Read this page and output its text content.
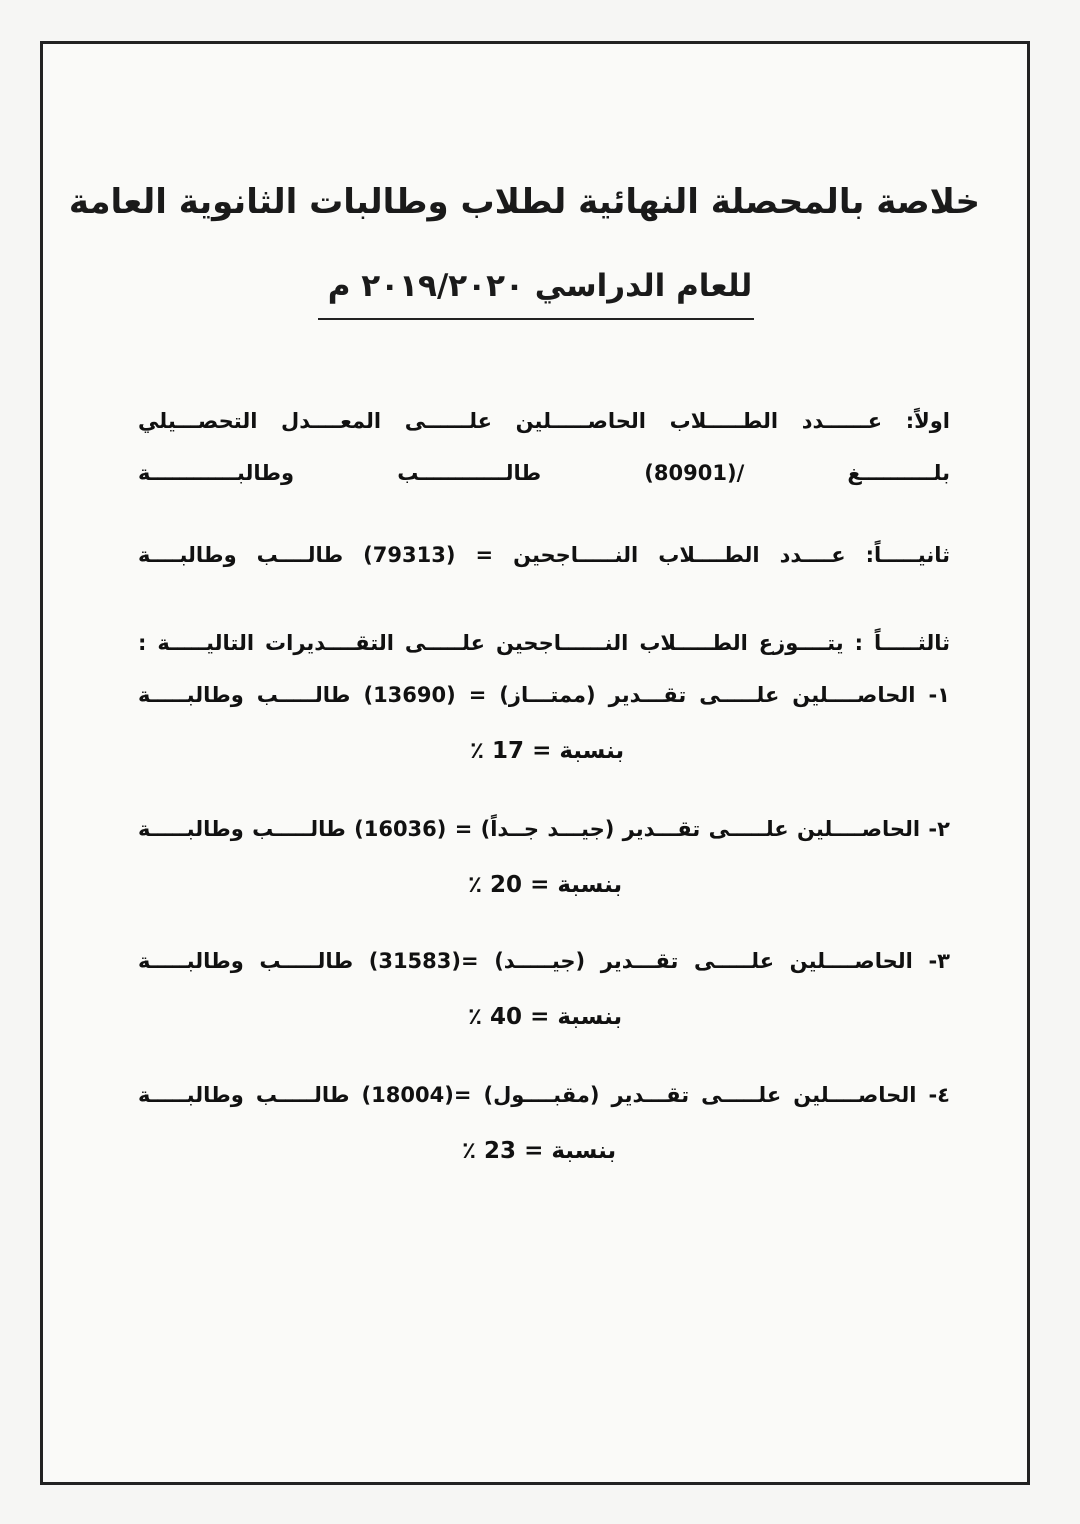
خلاصة بالمحصلة النهائية لطلاب وطالبات الثانوية العامة
للعام الدراسي ٢٠١٩/٢٠٢٠ م
اولاً: عــــــدد الطـــــلاب الحاصـــــلين علــــــى المعــــدل التحصـــيلي
بلــــــــــغ /(80901) طالــــــــــــب وطالبــــــــــــة
ثانيـــــاً: عــــدد الطــــلاب النـــــاجحين = (79313) طالــــب وطالبــــة
ثالثـــــاً : يتــــوزع الطـــــلاب النــــــاجحين علـــــى التقــــديرات التاليـــــة :
١- الحاصــــلين علـــــى تقـــدير (ممتـــاز) = (13690) طالـــــب وطالبـــــة
بنسبة = 17 ٪
٢- الحاصــــلين علـــــى تقـــدير (جيـــد جــداً) = (16036) طالـــــب وطالبـــــة
بنسبة = 20 ٪
٣- الحاصــــلين علـــــى تقـــدير (جيـــــد) =(31583) طالـــــب وطالبـــــة
بنسبة = 40 ٪
٤- الحاصــــلين علـــــى تقـــدير (مقبــــول) =(18004) طالـــــب وطالبـــــة
بنسبة = 23 ٪
